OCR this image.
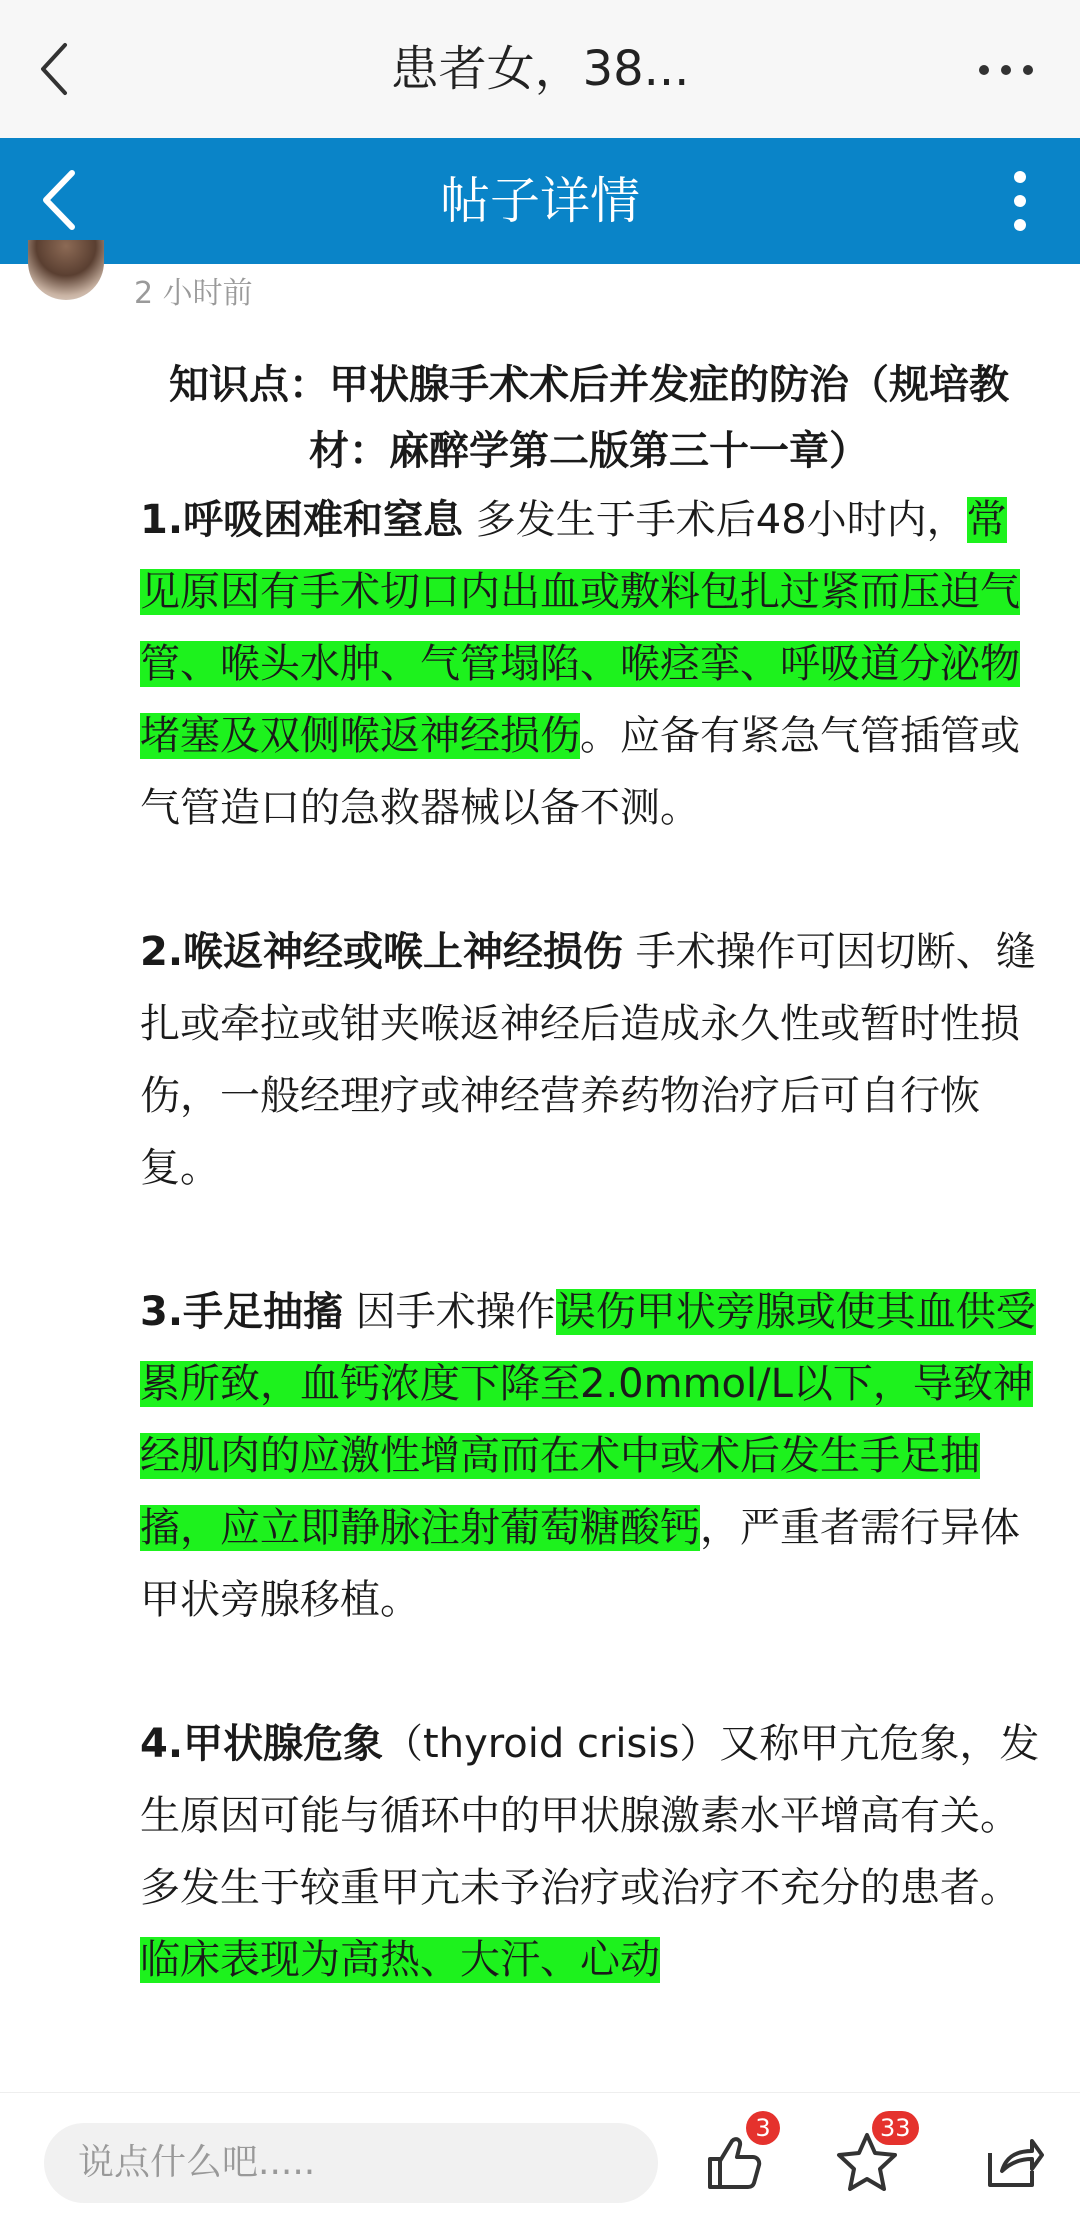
患者女，38...
帖子详情
2 小时前
知识点：甲状腺手术术后并发症的防治（规培教材：麻醉学第二版第三十一章）
1.呼吸困难和窒息 多发生于手术后48小时内，常见原因有手术切口内出血或敷料包扎过紧而压迫气管、喉头水肿、气管塌陷、喉痉挛、呼吸道分泌物堵塞及双侧喉返神经损伤。应备有紧急气管插管或气管造口的急救器械以备不测。
2.喉返神经或喉上神经损伤 手术操作可因切断、缝扎或牵拉或钳夹喉返神经后造成永久性或暂时性损伤，一般经理疗或神经营养药物治疗后可自行恢复。
3.手足抽搐 因手术操作误伤甲状旁腺或使其血供受累所致，血钙浓度下降至2.0mmol/L以下，导致神经肌肉的应激性增高而在术中或术后发生手足抽搐，应立即静脉注射葡萄糖酸钙，严重者需行异体甲状旁腺移植。
4.甲状腺危象（thyroid crisis）又称甲亢危象，发生原因可能与循环中的甲状腺激素水平增高有关。多发生于较重甲亢未予治疗或治疗不充分的患者。临床表现为高热、大汗、心动
说点什么吧.....
3	33
